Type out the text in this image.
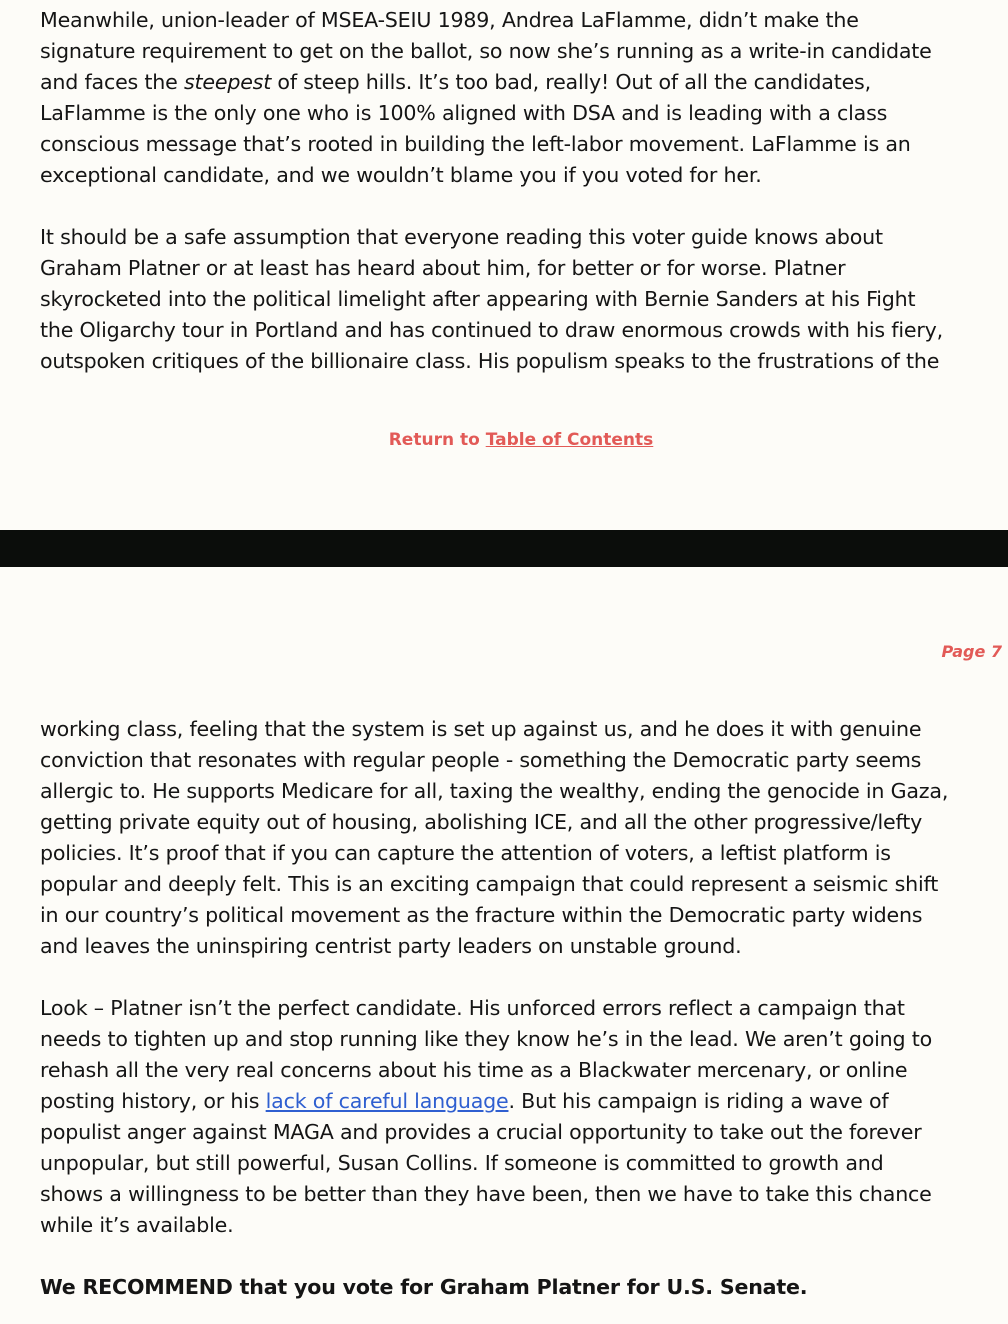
Meanwhile, union-leader of MSEA-SEIU 1989, Andrea LaFlamme, didn’t make the
signature requirement to get on the ballot, so now she’s running as a write-in candidate
and faces the steepest of steep hills. It’s too bad, really! Out of all the candidates,
LaFlamme is the only one who is 100% aligned with DSA and is leading with a class
conscious message that’s rooted in building the left-labor movement. LaFlamme is an
exceptional candidate, and we wouldn’t blame you if you voted for her.
It should be a safe assumption that everyone reading this voter guide knows about
Graham Platner or at least has heard about him, for better or for worse. Platner
skyrocketed into the political limelight after appearing with Bernie Sanders at his Fight
the Oligarchy tour in Portland and has continued to draw enormous crowds with his fiery,
outspoken critiques of the billionaire class. His populism speaks to the frustrations of the
Return to Table of Contents
Page 7
working class, feeling that the system is set up against us, and he does it with genuine
conviction that resonates with regular people - something the Democratic party seems
allergic to. He supports Medicare for all, taxing the wealthy, ending the genocide in Gaza,
getting private equity out of housing, abolishing ICE, and all the other progressive/lefty
policies. It’s proof that if you can capture the attention of voters, a leftist platform is
popular and deeply felt. This is an exciting campaign that could represent a seismic shift
in our country’s political movement as the fracture within the Democratic party widens
and leaves the uninspiring centrist party leaders on unstable ground.
Look – Platner isn’t the perfect candidate. His unforced errors reflect a campaign that
needs to tighten up and stop running like they know he’s in the lead. We aren’t going to
rehash all the very real concerns about his time as a Blackwater mercenary, or online
posting history, or his lack of careful language. But his campaign is riding a wave of
populist anger against MAGA and provides a crucial opportunity to take out the forever
unpopular, but still powerful, Susan Collins. If someone is committed to growth and
shows a willingness to be better than they have been, then we have to take this chance
while it’s available.
We RECOMMEND that you vote for Graham Platner for U.S. Senate.
